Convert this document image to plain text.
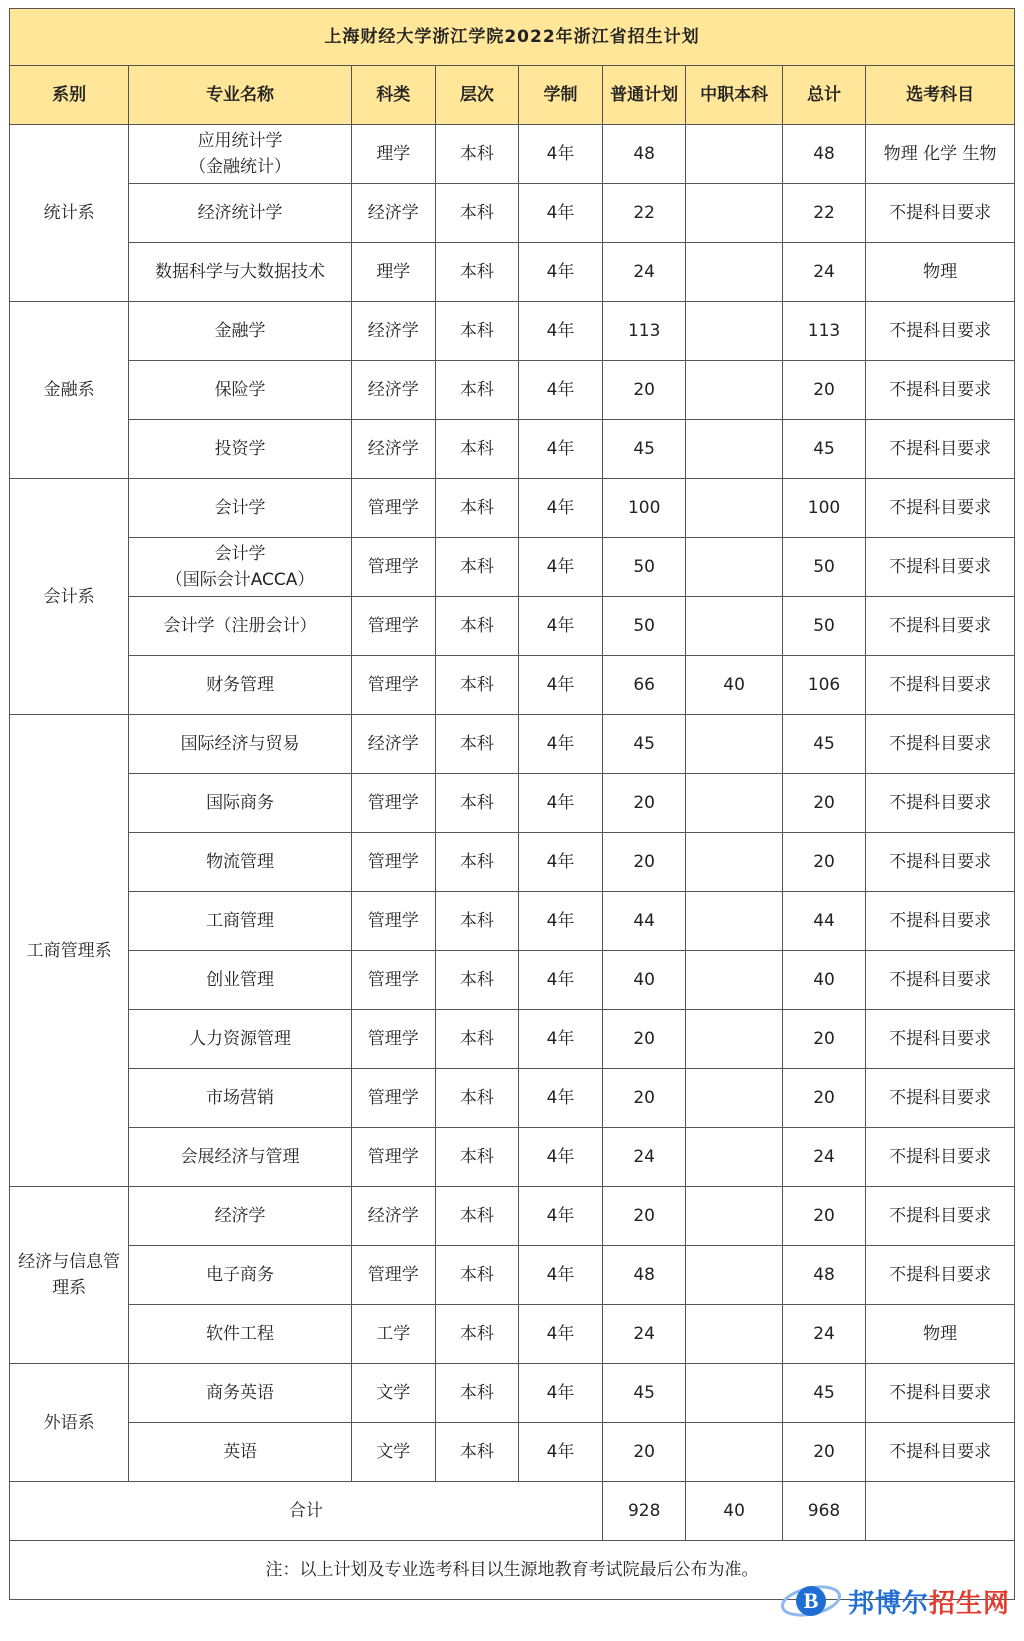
上海财经大学浙江学院2022年浙江省招生计划								
系别	专业名称	科类	层次	学制	普通计划	中职本科	总计	选考科目
统计系	应用统计学
（金融统计）	理学	本科	4年	48		48	物理 化学 生物

	经济统计学	经济学	本科	4年	22		22	不提科目要求

	数据科学与大数据技术	理学	本科	4年	24		24	物理
金融系	金融学	经济学	本科	4年	113		113	不提科目要求

	保险学	经济学	本科	4年	20		20	不提科目要求

	投资学	经济学	本科	4年	45		45	不提科目要求
会计系	会计学	管理学	本科	4年	100		100	不提科目要求

	会计学
（国际会计ACCA）	管理学	本科	4年	50		50	不提科目要求

	会计学（注册会计）	管理学	本科	4年	50		50	不提科目要求

	财务管理	管理学	本科	4年	66	40	106	不提科目要求
工商管理系	国际经济与贸易	经济学	本科	4年	45		45	不提科目要求

	国际商务	管理学	本科	4年	20		20	不提科目要求

	物流管理	管理学	本科	4年	20		20	不提科目要求

	工商管理	管理学	本科	4年	44		44	不提科目要求

	创业管理	管理学	本科	4年	40		40	不提科目要求

	人力资源管理	管理学	本科	4年	20		20	不提科目要求

	市场营销	管理学	本科	4年	20		20	不提科目要求

	会展经济与管理	管理学	本科	4年	24		24	不提科目要求
经济与信息管理系	经济学	经济学	本科	4年	20		20	不提科目要求

	电子商务	管理学	本科	4年	48		48	不提科目要求

	软件工程	工学	本科	4年	24		24	物理
外语系	商务英语	文学	本科	4年	45		45	不提科目要求

	英语	文学	本科	4年	20		20	不提科目要求
合计					928	40	968	
注：以上计划及专业选考科目以生源地教育考试院最后公布为准。								
B 邦博尔招生网
